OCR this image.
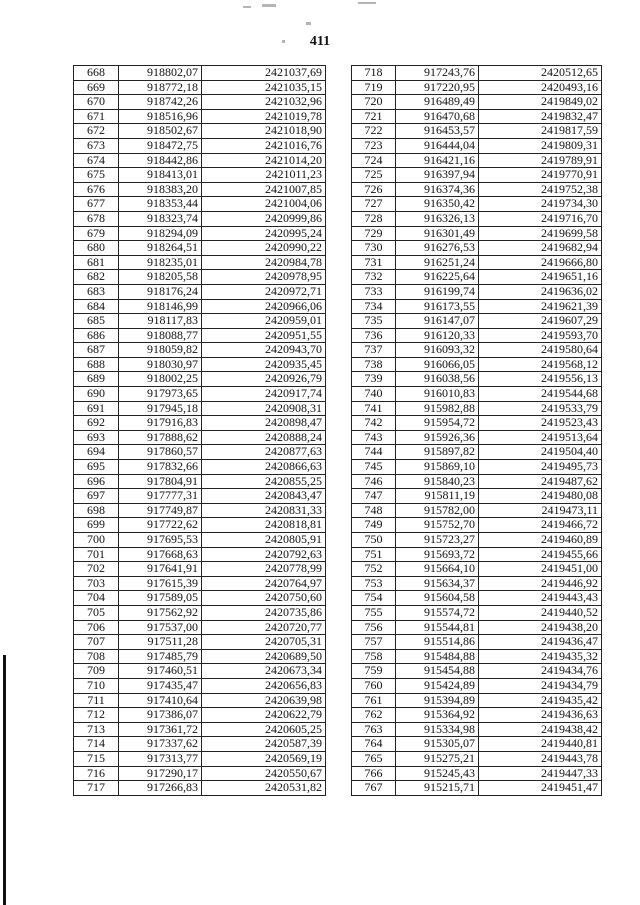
411
668	918802,07	2421037,69
669	918772,18	2421035,15
670	918742,26	2421032,96
671	918516,96	2421019,78
672	918502,67	2421018,90
673	918472,75	2421016,76
674	918442,86	2421014,20
675	918413,01	2421011,23
676	918383,20	2421007,85
677	918353,44	2421004,06
678	918323,74	2420999,86
679	918294,09	2420995,24
680	918264,51	2420990,22
681	918235,01	2420984,78
682	918205,58	2420978,95
683	918176,24	2420972,71
684	918146,99	2420966,06
685	918117,83	2420959,01
686	918088,77	2420951,55
687	918059,82	2420943,70
688	918030,97	2420935,45
689	918002,25	2420926,79
690	917973,65	2420917,74
691	917945,18	2420908,31
692	917916,83	2420898,47
693	917888,62	2420888,24
694	917860,57	2420877,63
695	917832,66	2420866,63
696	917804,91	2420855,25
697	917777,31	2420843,47
698	917749,87	2420831,33
699	917722,62	2420818,81
700	917695,53	2420805,91
701	917668,63	2420792,63
702	917641,91	2420778,99
703	917615,39	2420764,97
704	917589,05	2420750,60
705	917562,92	2420735,86
706	917537,00	2420720,77
707	917511,28	2420705,31
708	917485,79	2420689,50
709	917460,51	2420673,34
710	917435,47	2420656,83
711	917410,64	2420639,98
712	917386,07	2420622,79
713	917361,72	2420605,25
714	917337,62	2420587,39
715	917313,77	2420569,19
716	917290,17	2420550,67
717	917266,83	2420531,82
718	917243,76	2420512,65
719	917220,95	2420493,16
720	916489,49	2419849,02
721	916470,68	2419832,47
722	916453,57	2419817,59
723	916444,04	2419809,31
724	916421,16	2419789,91
725	916397,94	2419770,91
726	916374,36	2419752,38
727	916350,42	2419734,30
728	916326,13	2419716,70
729	916301,49	2419699,58
730	916276,53	2419682,94
731	916251,24	2419666,80
732	916225,64	2419651,16
733	916199,74	2419636,02
734	916173,55	2419621,39
735	916147,07	2419607,29
736	916120,33	2419593,70
737	916093,32	2419580,64
738	916066,05	2419568,12
739	916038,56	2419556,13
740	916010,83	2419544,68
741	915982,88	2419533,79
742	915954,72	2419523,43
743	915926,36	2419513,64
744	915897,82	2419504,40
745	915869,10	2419495,73
746	915840,23	2419487,62
747	915811,19	2419480,08
748	915782,00	2419473,11
749	915752,70	2419466,72
750	915723,27	2419460,89
751	915693,72	2419455,66
752	915664,10	2419451,00
753	915634,37	2419446,92
754	915604,58	2419443,43
755	915574,72	2419440,52
756	915544,81	2419438,20
757	915514,86	2419436,47
758	915484,88	2419435,32
759	915454,88	2419434,76
760	915424,89	2419434,79
761	915394,89	2419435,42
762	915364,92	2419436,63
763	915334,98	2419438,42
764	915305,07	2419440,81
765	915275,21	2419443,78
766	915245,43	2419447,33
767	915215,71	2419451,47
